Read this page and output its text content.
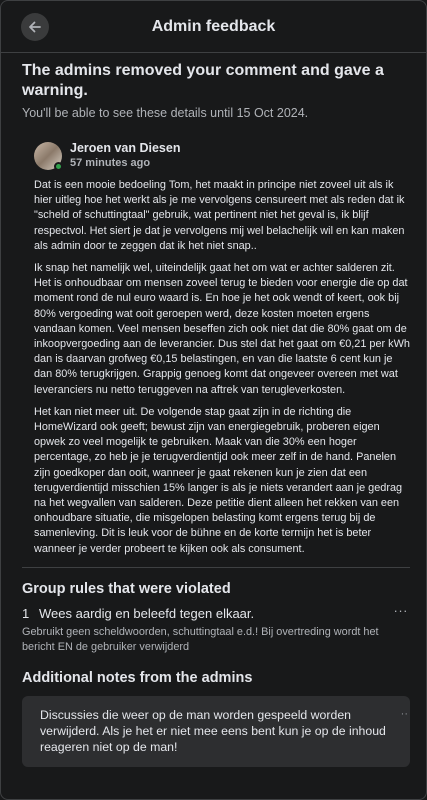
Admin feedback
The admins removed your comment and gave a warning.
You'll be able to see these details until 15 Oct 2024.
Jeroen van Diesen
57 minutes ago

Dat is een mooie bedoeling Tom, het maakt in principe niet zoveel uit als ik hier uitleg hoe het werkt als je me vervolgens censureert met als reden dat ik "scheld of schuttingtaal" gebruik, wat pertinent niet het geval is, ik blijf respectvol. Het siert je dat je vervolgens mij wel belachelijk wil en kan maken als admin door te zeggen dat ik het niet snap..

Ik snap het namelijk wel, uiteindelijk gaat het om wat er achter salderen zit. Het is onhoudbaar om mensen zoveel terug te bieden voor energie die op dat moment rond de nul euro waard is. En hoe je het ook wendt of keert, ook bij 80% vergoeding wat ooit geroepen werd, deze kosten moeten ergens vandaan komen. Veel mensen beseffen zich ook niet dat die 80% gaat om de inkoopvergoeding aan de leverancier. Dus stel dat het gaat om €0,21 per kWh dan is daarvan grofweg €0,15 belastingen, en van die laatste 6 cent kun je dan 80% terugkrijgen. Grappig genoeg komt dat ongeveer overeen met wat leveranciers nu netto teruggeven na aftrek van terugleverkosten.

Het kan niet meer uit. De volgende stap gaat zijn in de richting die HomeWizard ook geeft; bewust zijn van energiegebruik, proberen eigen opwek zo veel mogelijk te gebruiken. Maak van die 30% een hoger percentage, zo heb je je terugverdientijd ook meer zelf in de hand. Panelen zijn goedkoper dan ooit, wanneer je gaat rekenen kun je zien dat een terugverdientijd misschien 15% langer is als je niets verandert aan je gedrag na het wegvallen van salderen. Deze petitie dient alleen het rekken van een onhoudbare situatie, die misgelopen belasting komt ergens terug bij de samenleving. Dit is leuk voor de bühne en de korte termijn het is beter wanneer je verder probeert te kijken ook als consument.

Group rules that were violated
1 Wees aardig en beleefd tegen elkaar.	···
Gebruikt geen scheldwoorden, schuttingtaal e.d.! Bij overtreding wordt het bericht EN de gebruiker verwijderd
Additional notes from the admins
Discussies die weer op de man worden gespeeld worden verwijderd. Als je het er niet mee eens bent kun je op de inhoud reageren niet op de man!
··
